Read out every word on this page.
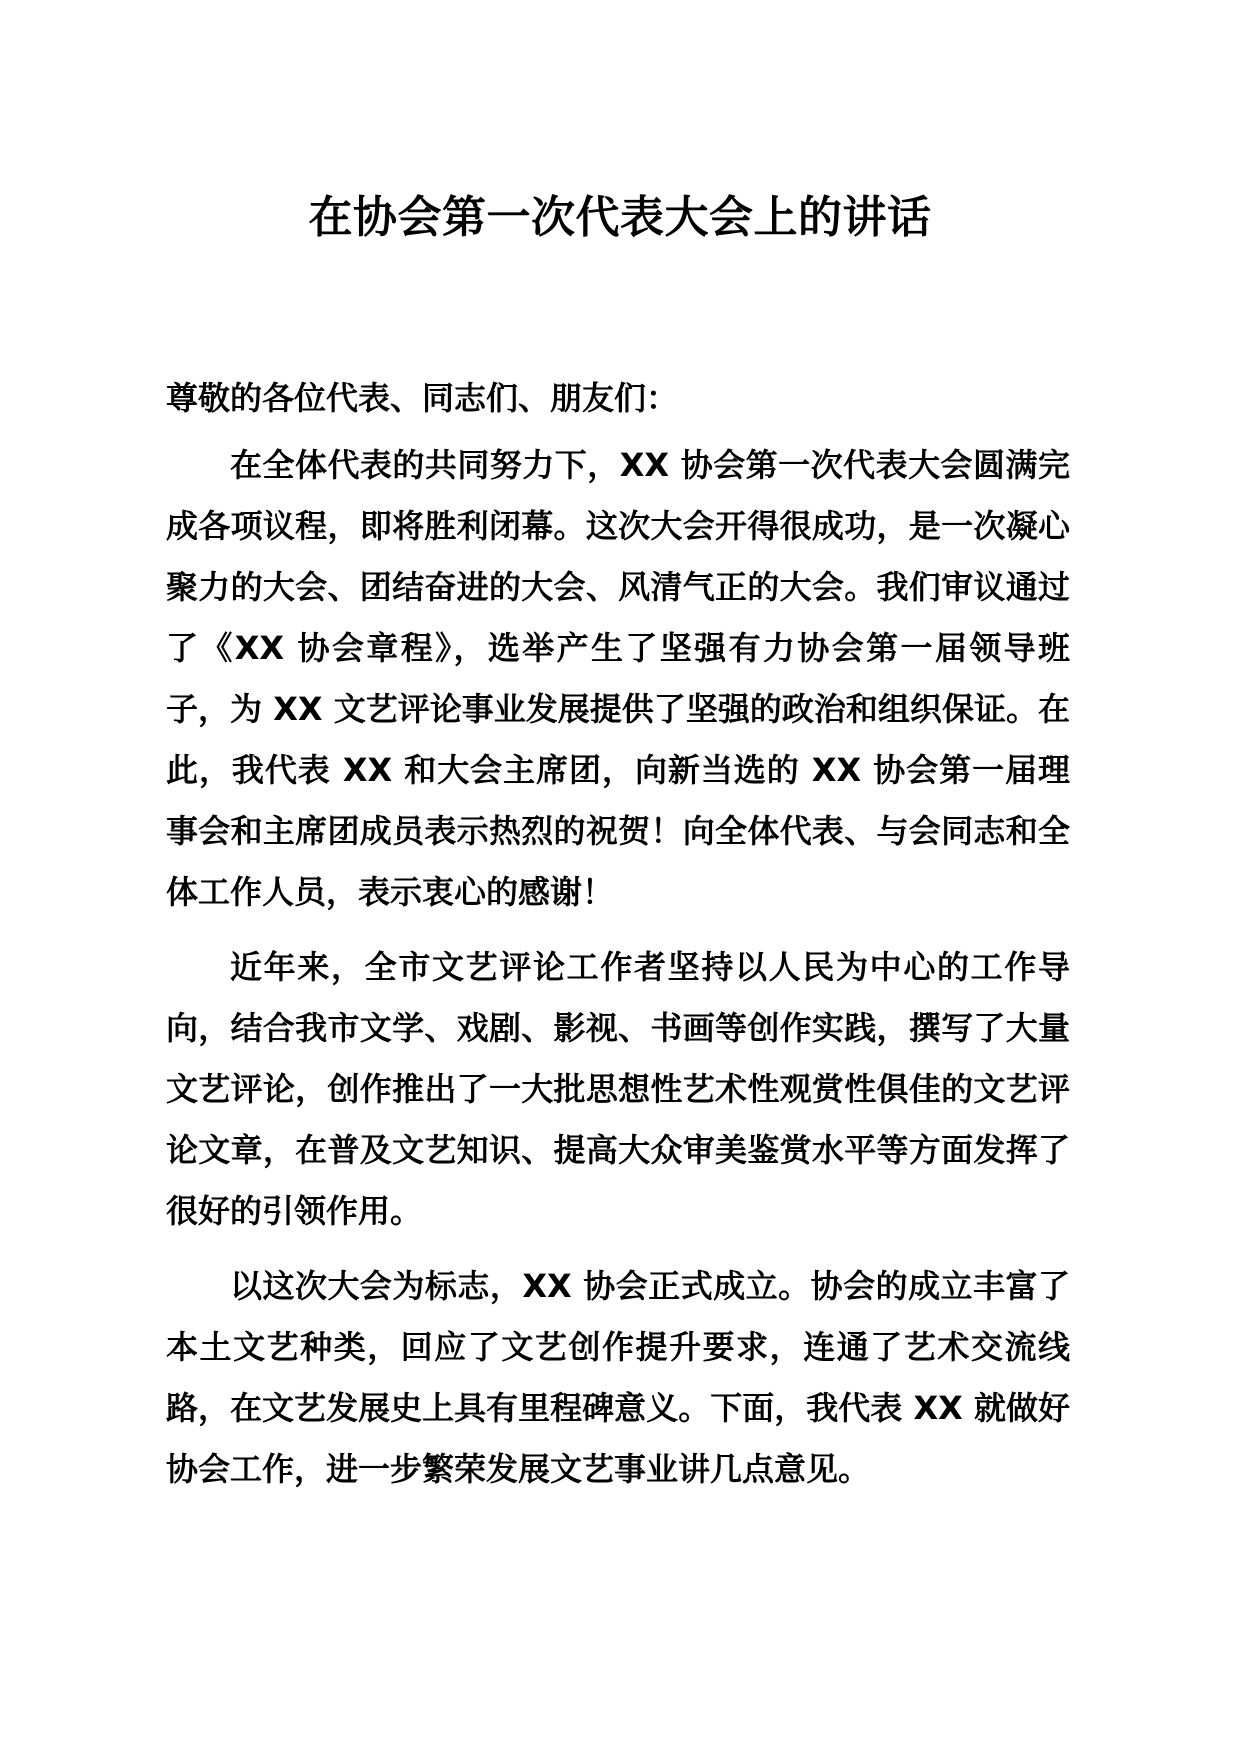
在协会第一次代表大会上的讲话

尊敬的各位代表、同志们、朋友们：

在全体代表的共同努力下，XX 协会第一次代表大会圆满完成各项议程，即将胜利闭幕。这次大会开得很成功，是一次凝心聚力的大会、团结奋进的大会、风清气正的大会。我们审议通过了《XX 协会章程》，选举产生了坚强有力协会第一届领导班子，为 XX 文艺评论事业发展提供了坚强的政治和组织保证。在此，我代表 XX 和大会主席团，向新当选的 XX 协会第一届理事会和主席团成员表示热烈的祝贺！向全体代表、与会同志和全体工作人员，表示衷心的感谢！

近年来，全市文艺评论工作者坚持以人民为中心的工作导向，结合我市文学、戏剧、影视、书画等创作实践，撰写了大量文艺评论，创作推出了一大批思想性艺术性观赏性俱佳的文艺评论文章，在普及文艺知识、提高大众审美鉴赏水平等方面发挥了很好的引领作用。

以这次大会为标志，XX 协会正式成立。协会的成立丰富了本土文艺种类，回应了文艺创作提升要求，连通了艺术交流线路，在文艺发展史上具有里程碑意义。下面，我代表 XX 就做好协会工作，进一步繁荣发展文艺事业讲几点意见。
